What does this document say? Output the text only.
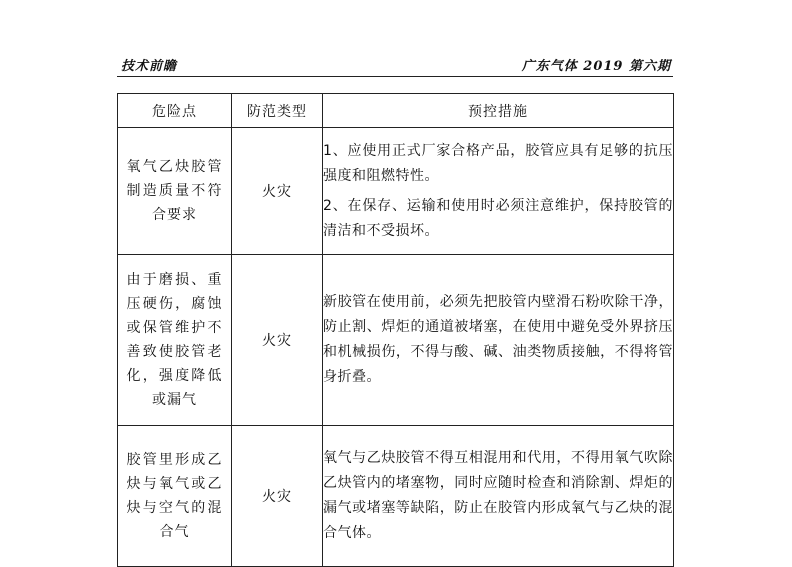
技术前瞻	广东气体 2019 第六期
危险点	防范类型	预控措施
氧气乙炔胶管制造质量不符合要求	火灾	1、应使用正式厂家合格产品，胶管应具有足够的抗压强度和阻燃特性。

2、在保存、运输和使用时必须注意维护，保持胶管的清洁和不受损坏。

由于磨损、重压硬伤，腐蚀或保管维护不善致使胶管老化，强度降低或漏气	火灾	新胶管在使用前，必须先把胶管内壁滑石粉吹除干净，防止割、焊炬的通道被堵塞，在使用中避免受外界挤压和机械损伤，不得与酸、碱、油类物质接触，不得将管身折叠。

胶管里形成乙炔与氧气或乙炔与空气的混合气	火灾	氧气与乙炔胶管不得互相混用和代用，不得用氧气吹除乙炔管内的堵塞物，同时应随时检查和消除割、焊炬的漏气或堵塞等缺陷，防止在胶管内形成氧气与乙炔的混合气体。
